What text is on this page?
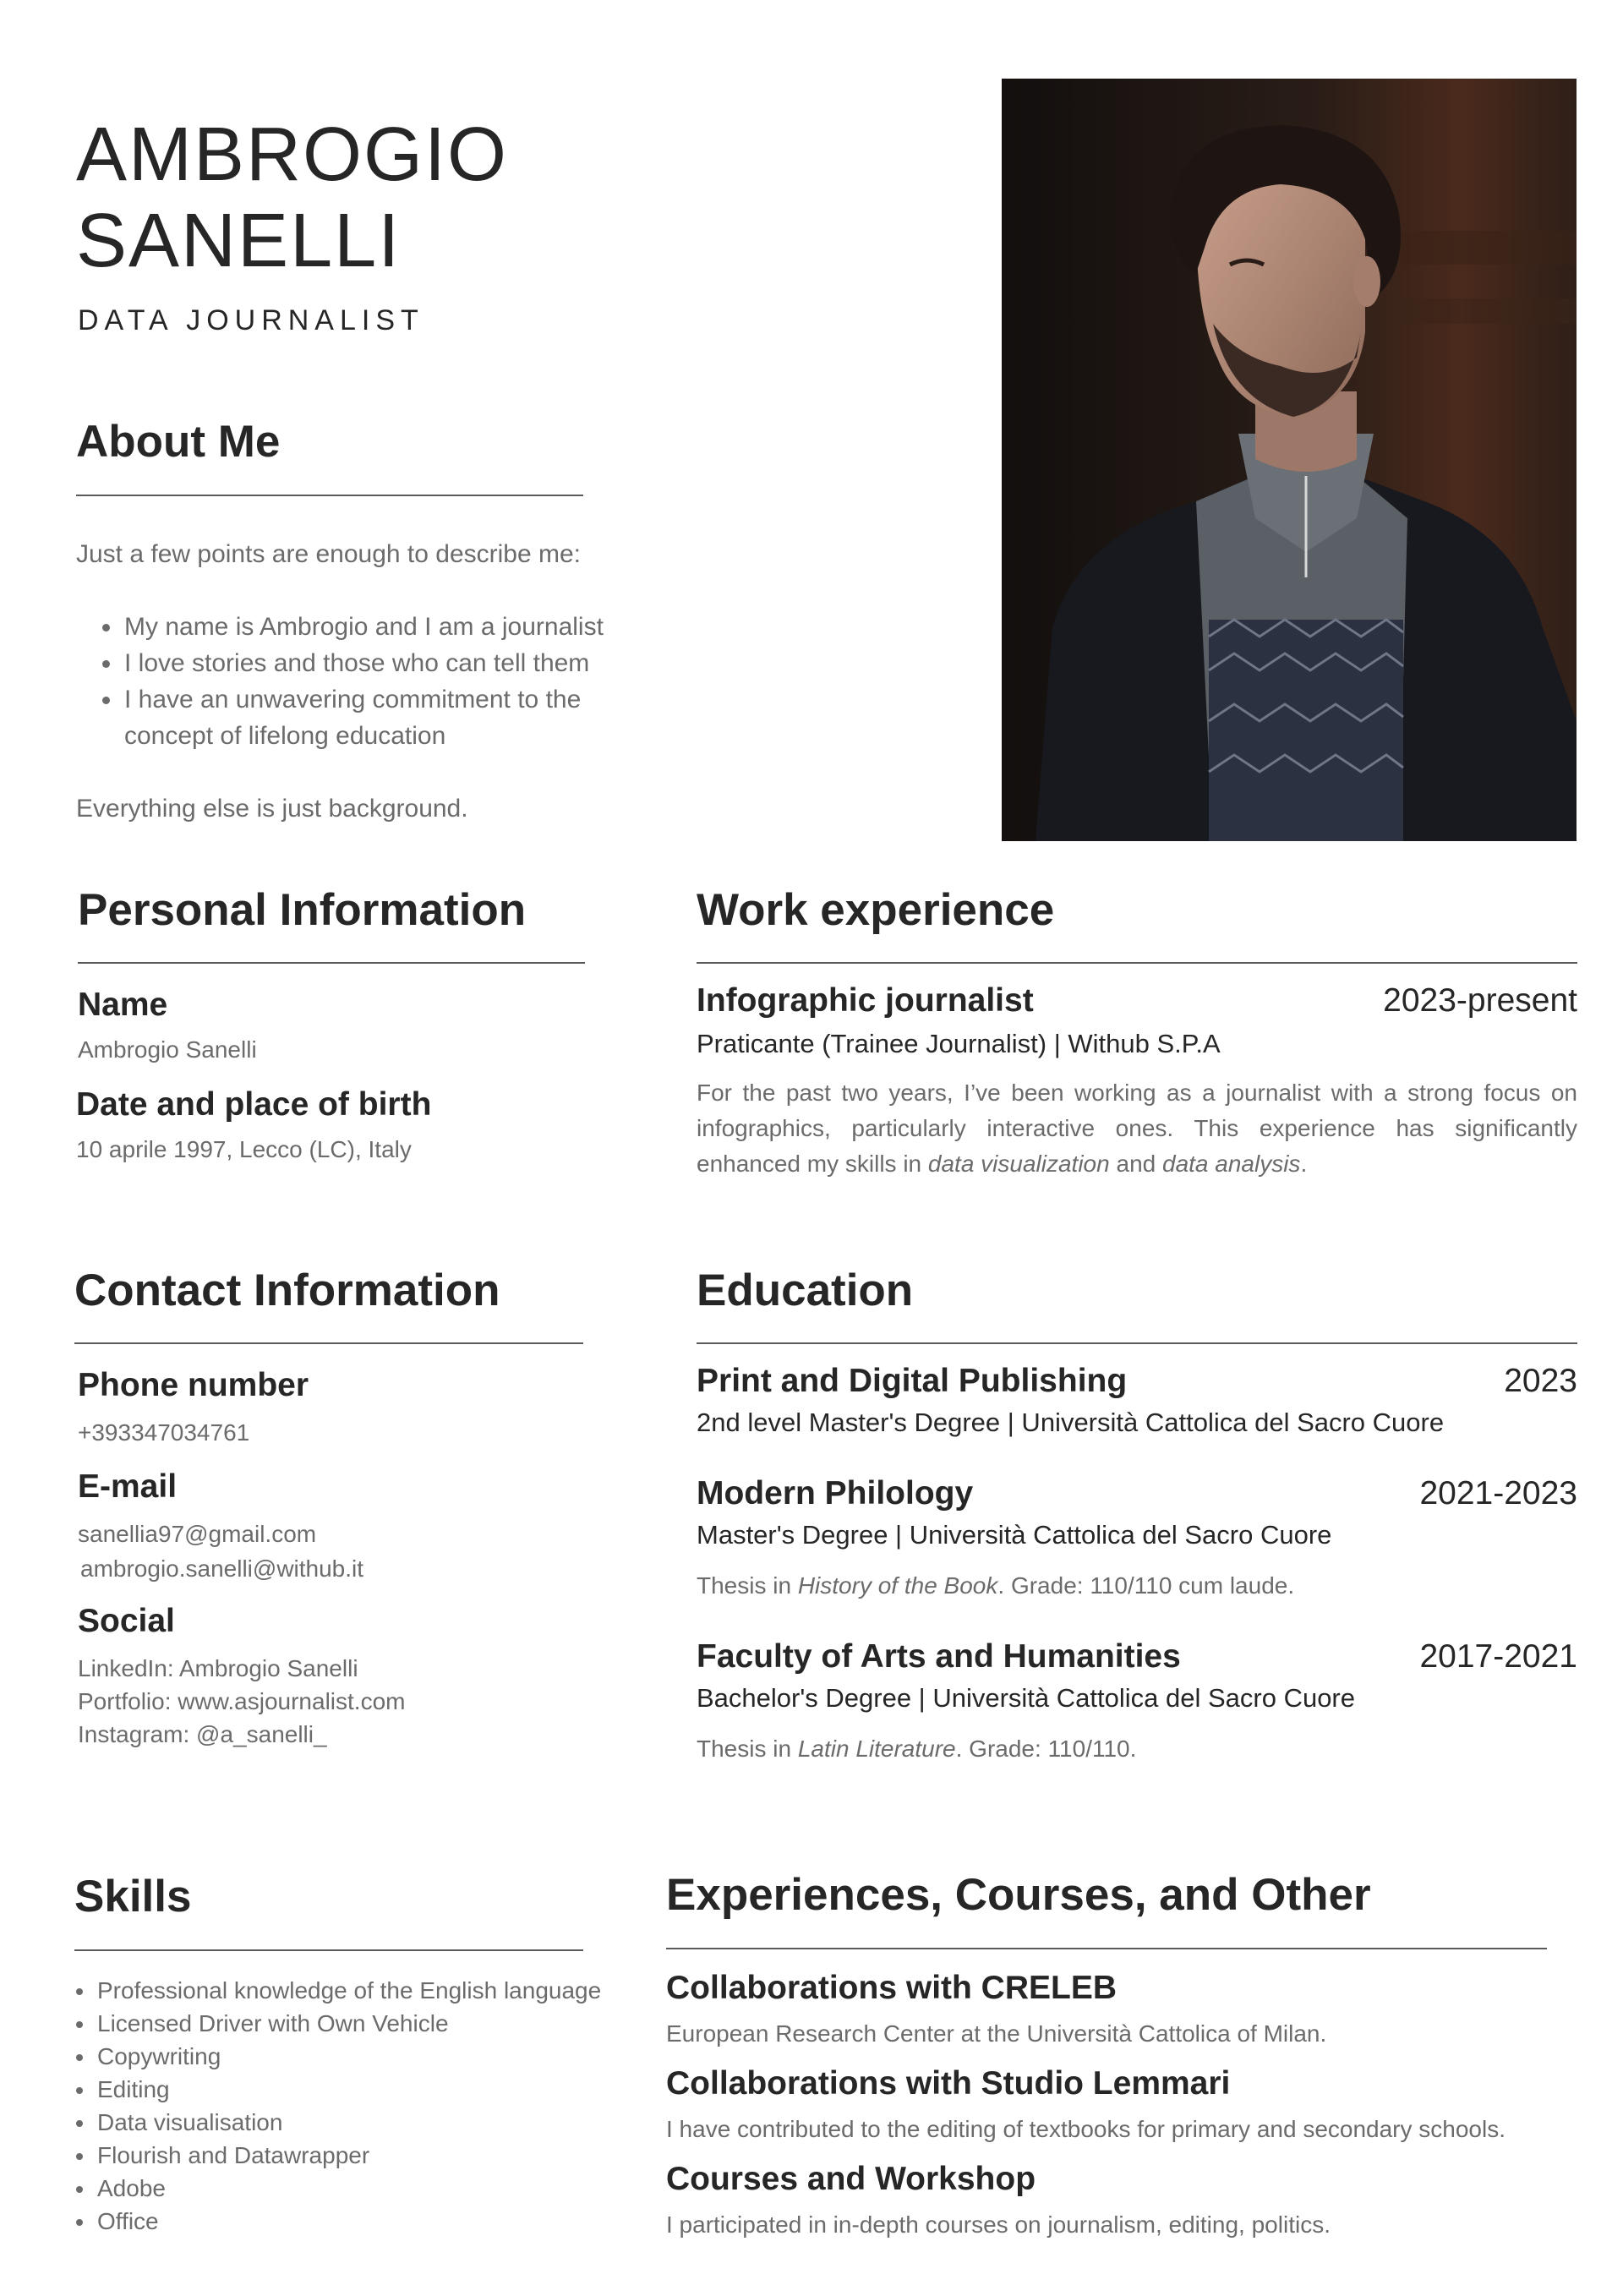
AMBROGIO
SANELLI
DATA JOURNALIST
About Me
Just a few points are enough to describe me:
• My name is Ambrogio and I am a journalist
• I love stories and those who can tell them
• I have an unwavering commitment to the concept of lifelong education
Everything else is just background.
Personal Information
Name
Ambrogio Sanelli
Date and place of birth
10 aprile 1997, Lecco (LC), Italy
Work experience
Infographic journalist	2023-present
Praticante (Trainee Journalist) | Withub S.P.A
For the past two years, I’ve been working as a journalist with a strong focus on infographics, particularly interactive ones. This experience has significantly enhanced my skills in data visualization and data analysis.
Contact Information
Phone number
+393347034761
E-mail
sanellia97@gmail.com
ambrogio.sanelli@withub.it
Social
LinkedIn: Ambrogio Sanelli
Portfolio: www.asjournalist.com
Instagram: @a_sanelli_
Education
Print and Digital Publishing	2023
2nd level Master's Degree | Università Cattolica del Sacro Cuore
Modern Philology	2021-2023
Master's Degree | Università Cattolica del Sacro Cuore
Thesis in History of the Book. Grade: 110/110 cum laude.
Faculty of Arts and Humanities	2017-2021
Bachelor's Degree | Università Cattolica del Sacro Cuore
Thesis in Latin Literature. Grade: 110/110.
Skills
• Professional knowledge of the English language
• Licensed Driver with Own Vehicle
• Copywriting
• Editing
• Data visualisation
• Flourish and Datawrapper
• Adobe
• Office
Experiences, Courses, and Other
Collaborations with CRELEB
European Research Center at the Università Cattolica of Milan.
Collaborations with Studio Lemmari
I have contributed to the editing of textbooks for primary and secondary schools.
Courses and Workshop
I participated in in-depth courses on journalism, editing, politics.
